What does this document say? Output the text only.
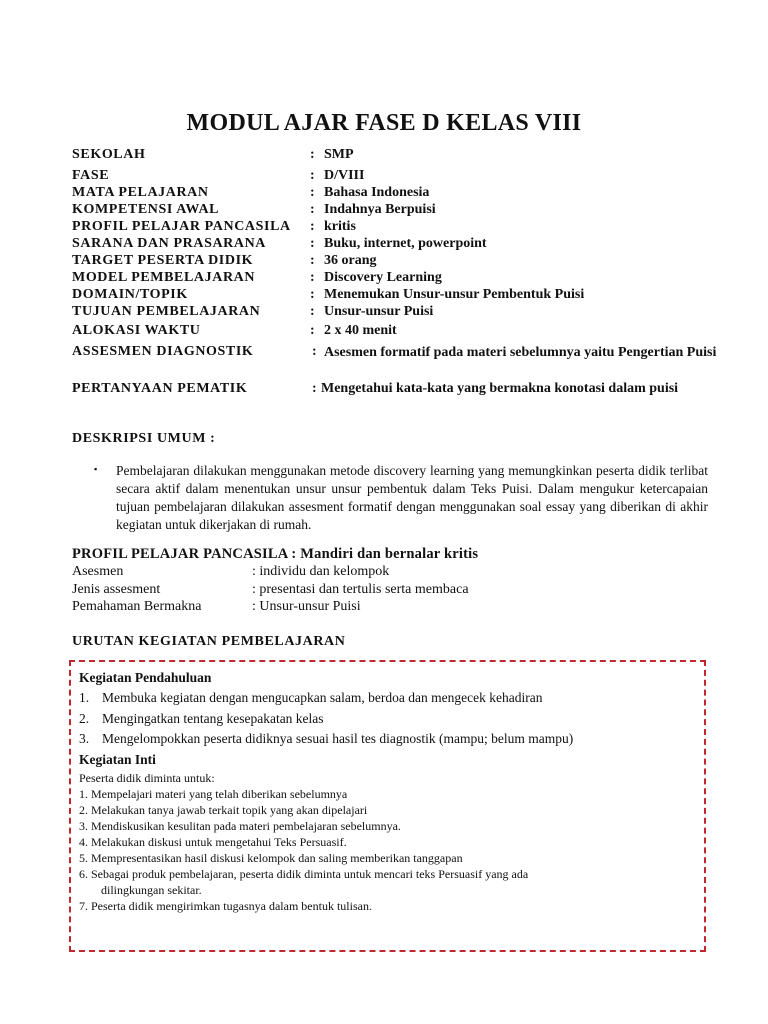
MODUL AJAR FASE D KELAS VIII
SEKOLAH	: SMP
FASE	: D/VIII
MATA PELAJARAN	: Bahasa Indonesia
KOMPETENSI AWAL	: Indahnya Berpuisi
PROFIL PELAJAR PANCASILA : kritis
SARANA DAN PRASARANA	: Buku, internet, powerpoint
TARGET PESERTA DIDIK	: 36 orang
MODEL PEMBELAJARAN	: Discovery Learning
DOMAIN/TOPIK	: Menemukan Unsur-unsur Pembentuk Puisi
TUJUAN PEMBELAJARAN	: Unsur-unsur Puisi
ALOKASI WAKTU	: 2 x 40 menit
ASSESMEN DIAGNOSTIK	: Asesmen formatif pada materi sebelumnya yaitu Pengertian Puisi
PERTANYAAN PEMATIK	: Mengetahui kata-kata yang bermakna konotasi dalam puisi
DESKRIPSI UMUM :
▪ Pembelajaran dilakukan menggunakan metode discovery learning yang memungkinkan peserta didik terlibat secara aktif dalam menentukan unsur unsur pembentuk dalam Teks Puisi. Dalam mengukur ketercapaian tujuan pembelajaran dilakukan assesment formatif dengan menggunakan soal essay yang diberikan di akhir kegiatan untuk dikerjakan di rumah.

PROFIL PELAJAR PANCASILA : Mandiri dan bernalar kritis
Asesmen	: individu dan kelompok
Jenis assesment	: presentasi dan tertulis serta membaca
Pemahaman Bermakna	: Unsur-unsur Puisi
URUTAN KEGIATAN PEMBELAJARAN
Kegiatan Pendahuluan
1. Membuka kegiatan dengan mengucapkan salam, berdoa dan mengecek kehadiran
2. Mengingatkan tentang kesepakatan kelas
3. Mengelompokkan peserta didiknya sesuai hasil tes diagnostik (mampu; belum mampu)
Kegiatan Inti
Peserta didik diminta untuk:
1. Mempelajari materi yang telah diberikan sebelumnya
2. Melakukan tanya jawab terkait topik yang akan dipelajari
3. Mendiskusikan kesulitan pada materi pembelajaran sebelumnya.
4. Melakukan diskusi untuk mengetahui Teks Persuasif.
5. Mempresentasikan hasil diskusi kelompok dan saling memberikan tanggapan
6. Sebagai produk pembelajaran, peserta didik diminta untuk mencari teks Persuasif yang ada
dilingkungan sekitar.
7. Peserta didik mengirimkan tugasnya dalam bentuk tulisan.
